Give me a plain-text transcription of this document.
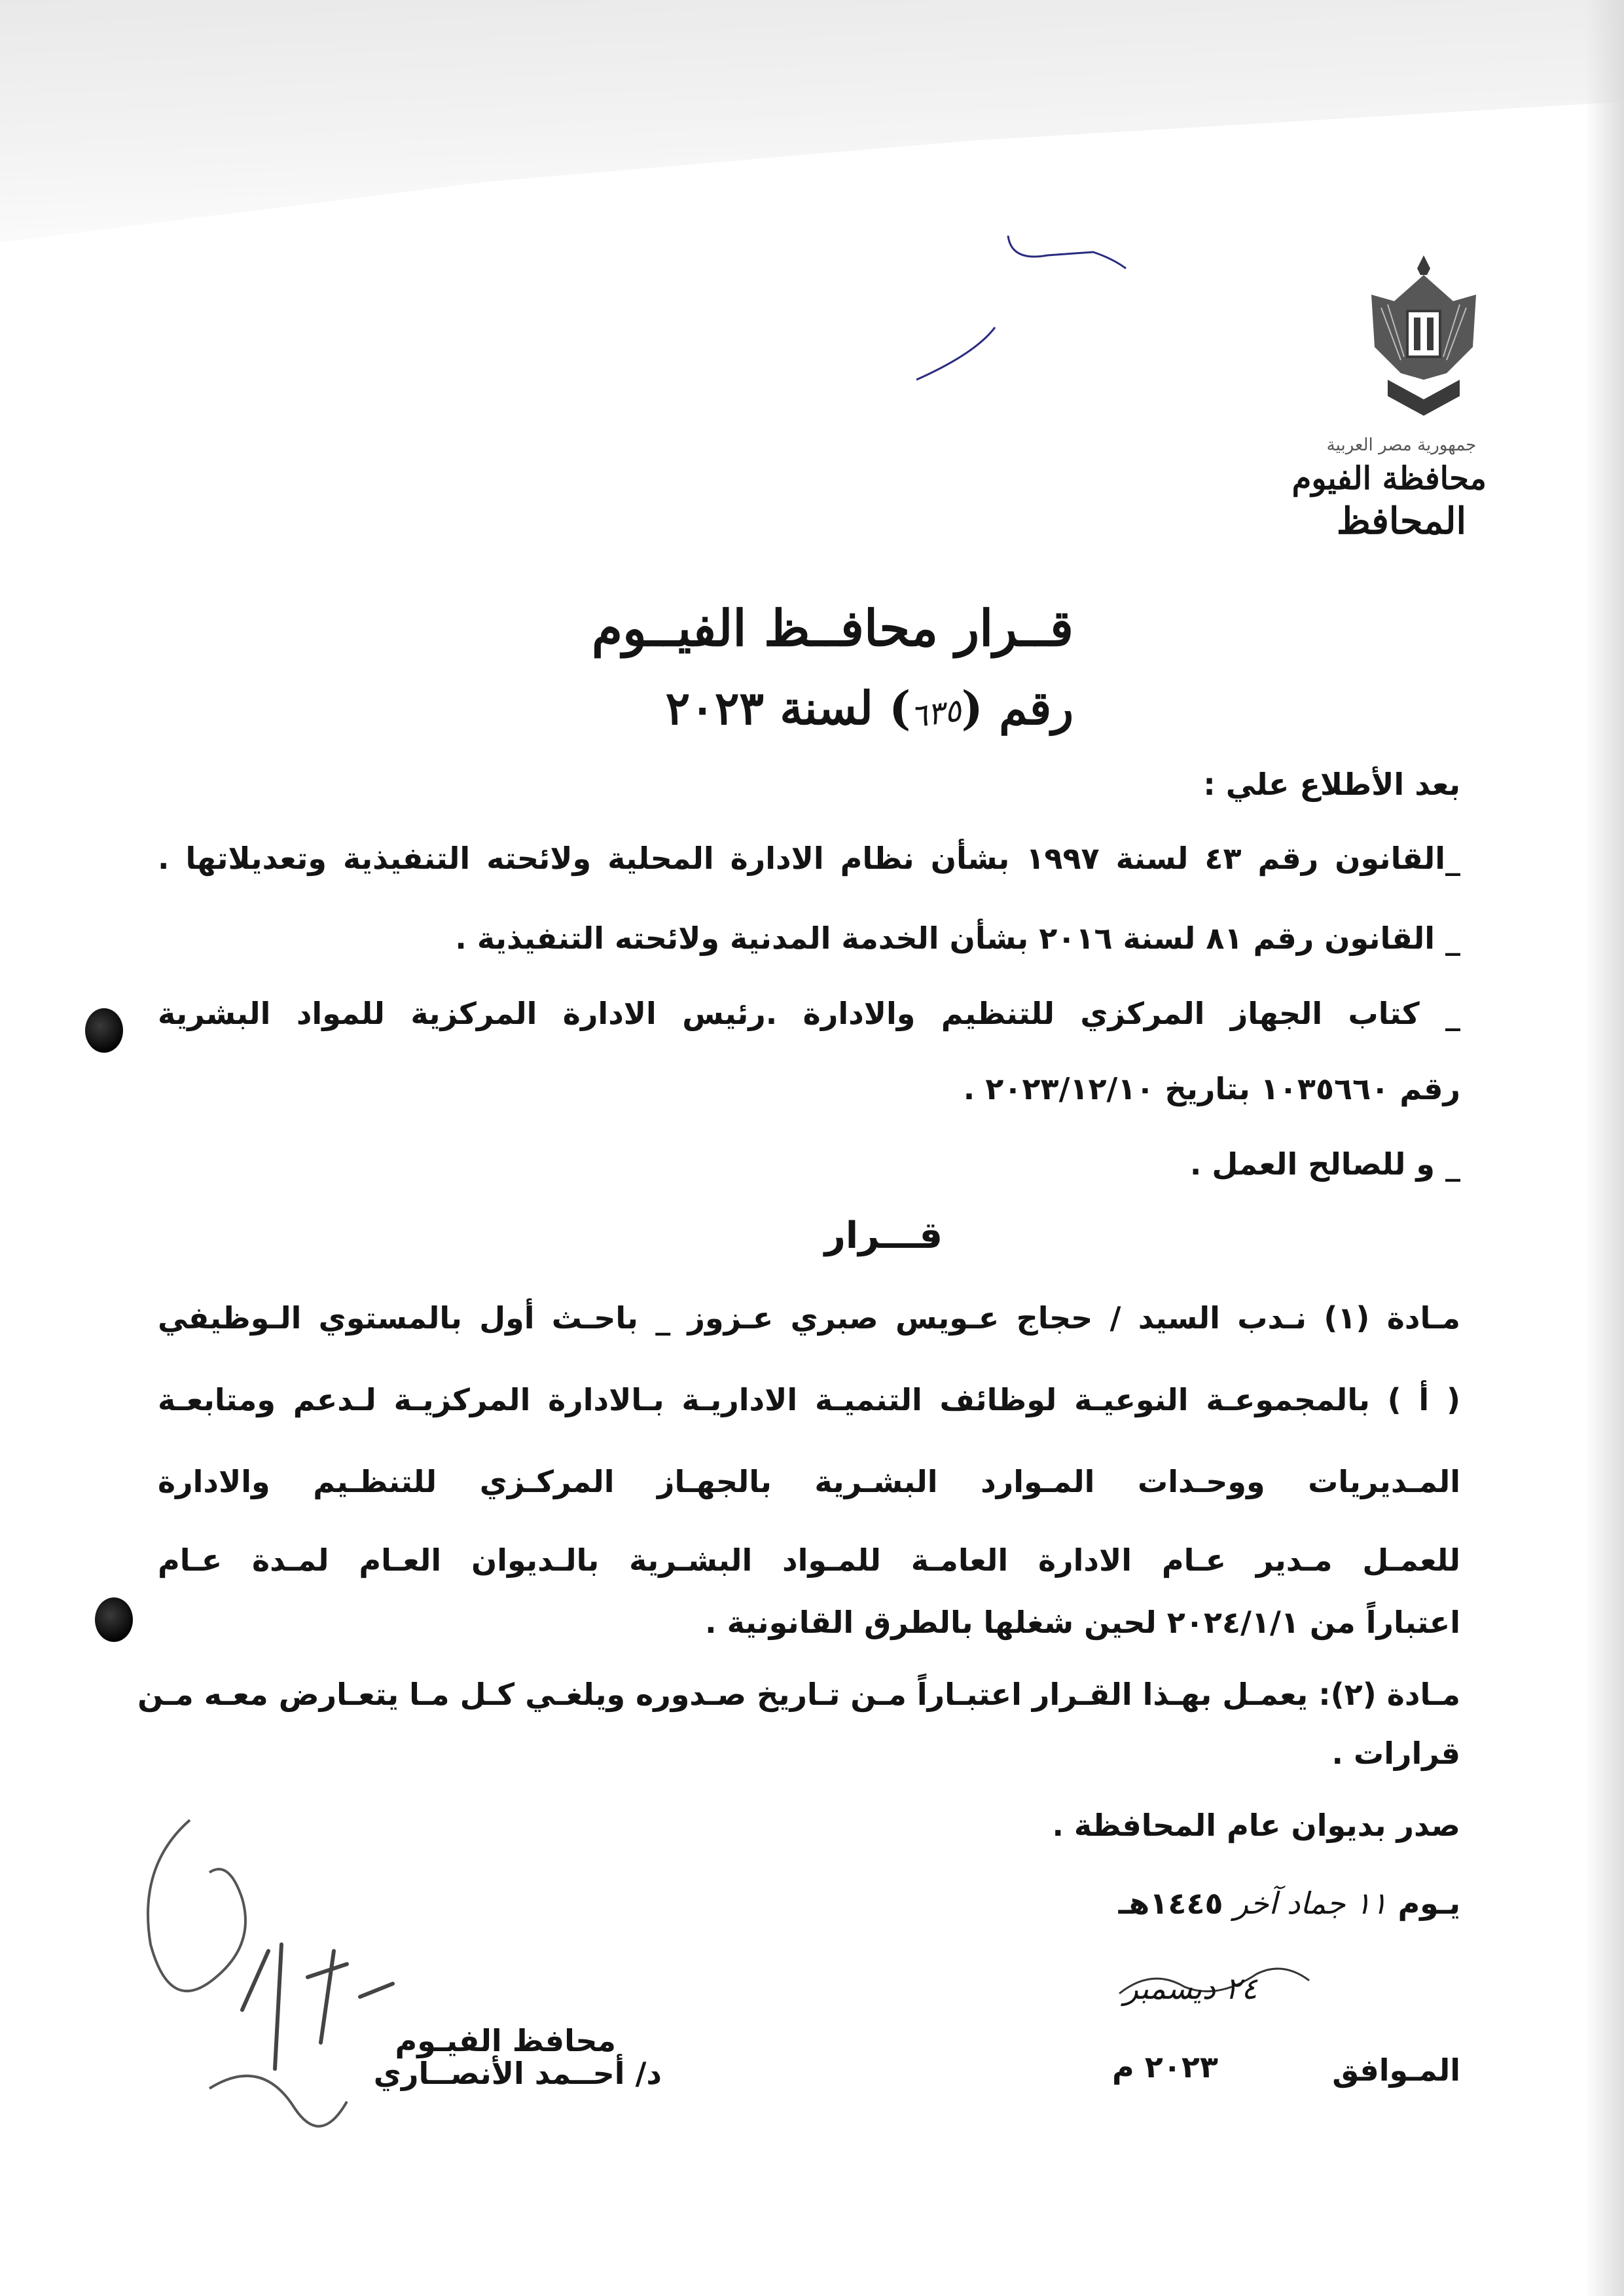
جمهورية مصر العربية
محافظة الفيوم
المحافظ
قــرار محافــظ الفيــوم
رقم (٦٣٥) لسنة ٢٠٢٣
بعد الأطلاع علي :
_القانون رقم ٤٣ لسنة ١٩٩٧ بشأن نظام الادارة المحلية ولائحته التنفيذية وتعديلاتها .
_ القانون رقم ٨١ لسنة ٢٠١٦ بشأن الخدمة المدنية ولائحته التنفيذية .
_ كتاب الجهاز المركزي للتنظيم والادارة .رئيس الادارة المركزية للمواد البشرية
رقم ١٠٣٥٦٦٠ بتاريخ ٢٠٢٣/١٢/١٠ .
_ و للصالح العمل .
قـــرار
مـادة (١) نـدب السيد / حجاج عـويس صبري عـزوز _ باحـث أول بالمستوي الـوظيفي
( أ ) بالمجموعـة النوعيـة لوظائف التنميـة الاداريـة بـالادارة المركزيـة لـدعم ومتابعـة
المـديريات ووحـدات المـوارد البشـرية بالجهـاز المركـزي للتنظـيم والادارة
للعمـل مـدير عـام الادارة العامـة للمـواد البشـرية بالـديوان العـام لمـدة عـام
اعتباراً من ٢٠٢٤/١/١ لحين شغلها بالطرق القانونية .
مـادة (٢): يعمـل بهـذا القـرار اعتبـاراً مـن تـاريخ صـدوره ويلغـي كـل مـا يتعـارض معـه مـن
قرارات .
صدر بديوان عام المحافظة .
يـوم ١١ جماد آخر ١٤٤٥هـ
محافظ الفيـوم
٢٤ ديسمبر
المـوافق
٢٠٢٣ م
د/ أحــمد الأنصــاري
